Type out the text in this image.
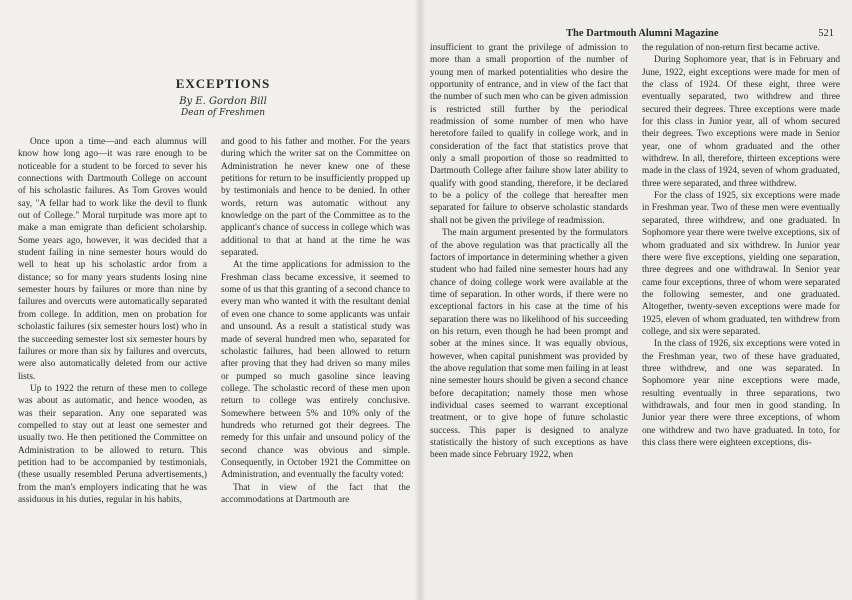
EXCEPTIONS
By E. Gordon Bill
Dean of Freshmen

Once upon a time—and each alumnus will know how long ago—it was rare enough to be noticeable for a student to be forced to sever his connections with Dartmouth College on account of his scholastic failures. As Tom Groves would say, "A fellar had to work like the devil to flunk out of College." Moral turpitude was more apt to make a man emigrate than deficient scholarship. Some years ago, however, it was decided that a student failing in nine semester hours would do well to heat up his scholastic ardor from a distance; so for many years students losing nine semester hours by failures or more than nine by failures and overcuts were automatically separated from college. In addition, men on probation for scholastic failures (six semester hours lost) who in the succeeding semester lost six semester hours by failures or more than six by failures and overcuts, were also automatically deleted from our active lists.

Up to 1922 the return of these men to college was about as automatic, and hence wooden, as was their separation. Any one separated was compelled to stay out at least one semester and usually two. He then petitioned the Committee on Administration to be allowed to return. This petition had to be accompanied by testimonials, (these usually resembled Peruna advertisements,) from the man's employers indicating that he was assiduous in his duties, regular in his habits,

and good to his father and mother. For the years during which the writer sat on the Committee on Administration he never knew one of these petitions for return to be insufficiently propped up by testimonials and hence to be denied. In other words, return was automatic without any knowledge on the part of the Committee as to the applicant's chance of success in college which was additional to that at hand at the time he was separated.

At the time applications for admission to the Freshman class became excessive, it seemed to some of us that this granting of a second chance to every man who wanted it with the resultant denial of even one chance to some applicants was unfair and unsound. As a result a statistical study was made of several hundred men who, separated for scholastic failures, had been allowed to return after proving that they had driven so many miles or pumped so much gasoline since leaving college. The scholastic record of these men upon return to college was entirely conclusive. Somewhere between 5% and 10% only of the hundreds who returned got their degrees. The remedy for this unfair and unsound policy of the second chance was obvious and simple. Consequently, in October 1921 the Committee on Administration, and eventually the faculty voted:

That in view of the fact that the accommodations at Dartmouth are

The Dartmouth Alumni Magazine	521

insufficient to grant the privilege of admission to more than a small proportion of the number of young men of marked potentialities who desire the opportunity of entrance, and in view of the fact that the number of such men who can be given admission is restricted still further by the periodical readmission of some number of men who have heretofore failed to qualify in college work, and in consideration of the fact that statistics prove that only a small proportion of those so readmitted to Dartmouth College after failure show later ability to qualify with good standing, therefore, it be declared to be a policy of the college that hereafter men separated for failure to observe scholastic standards shall not be given the privilege of readmission.

The main argument presented by the formulators of the above regulation was that practically all the factors of importance in determining whether a given student who had failed nine semester hours had any chance of doing college work were available at the time of separation. In other words, if there were no exceptional factors in his case at the time of his separation there was no likelihood of his succeeding on his return, even though he had been prompt and sober at the mines since. It was equally obvious, however, when capital punishment was provided by the above regulation that some men failing in at least nine semester hours should be given a second chance before decapitation; namely those men whose individual cases seemed to warrant exceptional treatment, or to give hope of future scholastic success. This paper is designed to analyze statistically the history of such exceptions as have been made since February 1922, when

the regulation of non-return first became active.

During Sophomore year, that is in February and June, 1922, eight exceptions were made for men of the class of 1924. Of these eight, three were eventually separated, two withdrew and three secured their degrees. Three exceptions were made for this class in Junior year, all of whom secured their degrees. Two exceptions were made in Senior year, one of whom graduated and the other withdrew. In all, therefore, thirteen exceptions were made in the class of 1924, seven of whom graduated, three were separated, and three withdrew.

For the class of 1925, six exceptions were made in Freshman year. Two of these men were eventually separated, three withdrew, and one graduated. In Sophomore year there were twelve exceptions, six of whom graduated and six withdrew. In Junior year there were five exceptions, yielding one separation, three degrees and one withdrawal. In Senior year came four exceptions, three of whom were separated the following semester, and one graduated. Altogether, twenty-seven exceptions were made for 1925, eleven of whom graduated, ten withdrew from college, and six were separated.

In the class of 1926, six exceptions were voted in the Freshman year, two of these have graduated, three withdrew, and one was separated. In Sophomore year nine exceptions were made, resulting eventually in three separations, two withdrawals, and four men in good standing. In Junior year there were three exceptions, of whom one withdrew and two have graduated. In toto, for this class there were eighteen exceptions, dis-
